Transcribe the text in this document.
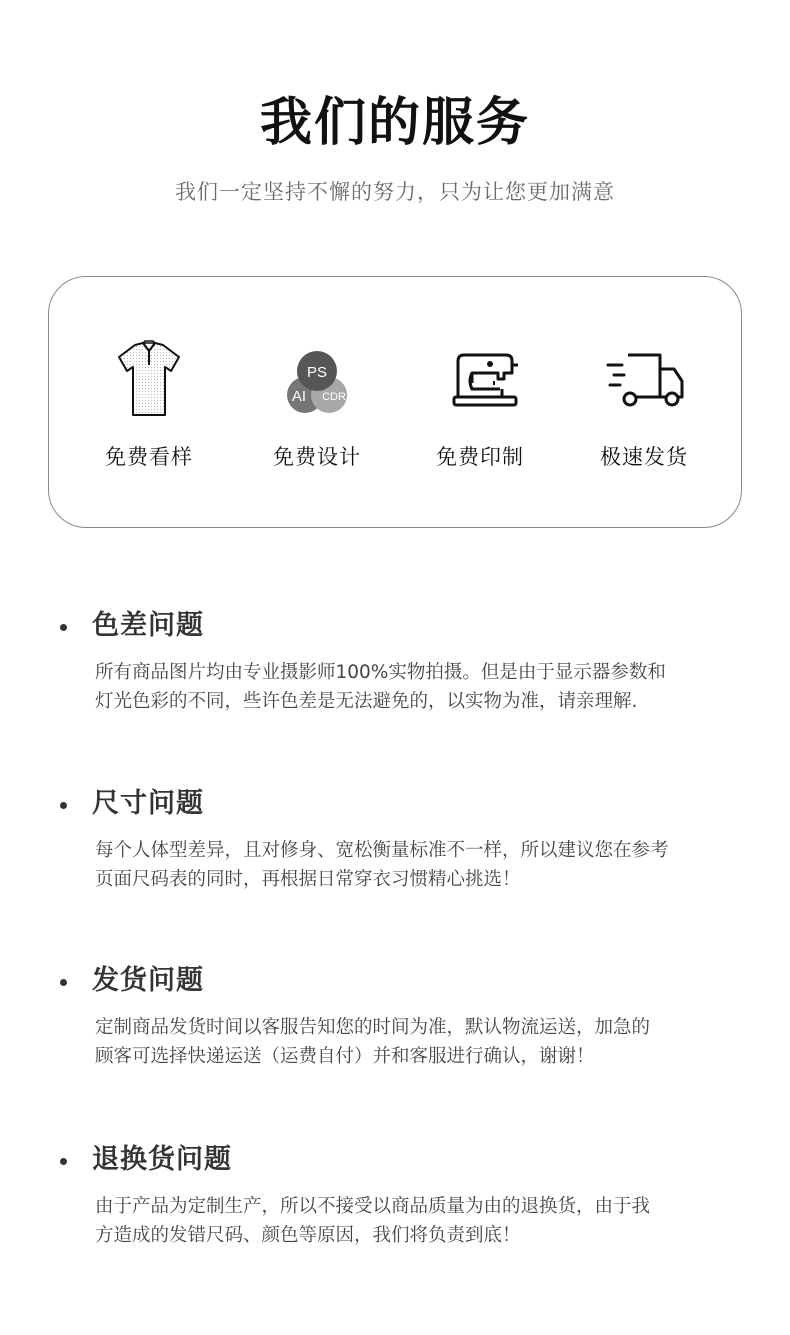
我们的服务
我们一定坚持不懈的努力，只为让您更加满意
免费看样
PS
AI CDR
免费设计	免费印制	极速发货
色差问题
所有商品图片均由专业摄影师100%实物拍摄。但是由于显示器参数和
灯光色彩的不同，些许色差是无法避免的，以实物为准，请亲理解.
尺寸问题
每个人体型差异，且对修身、宽松衡量标准不一样，所以建议您在参考
页面尺码表的同时，再根据日常穿衣习惯精心挑选！
发货问题
定制商品发货时间以客服告知您的时间为准，默认物流运送，加急的
顾客可选择快递运送（运费自付）并和客服进行确认，谢谢！
退换货问题
由于产品为定制生产，所以不接受以商品质量为由的退换货，由于我
方造成的发错尺码、颜色等原因，我们将负责到底！
